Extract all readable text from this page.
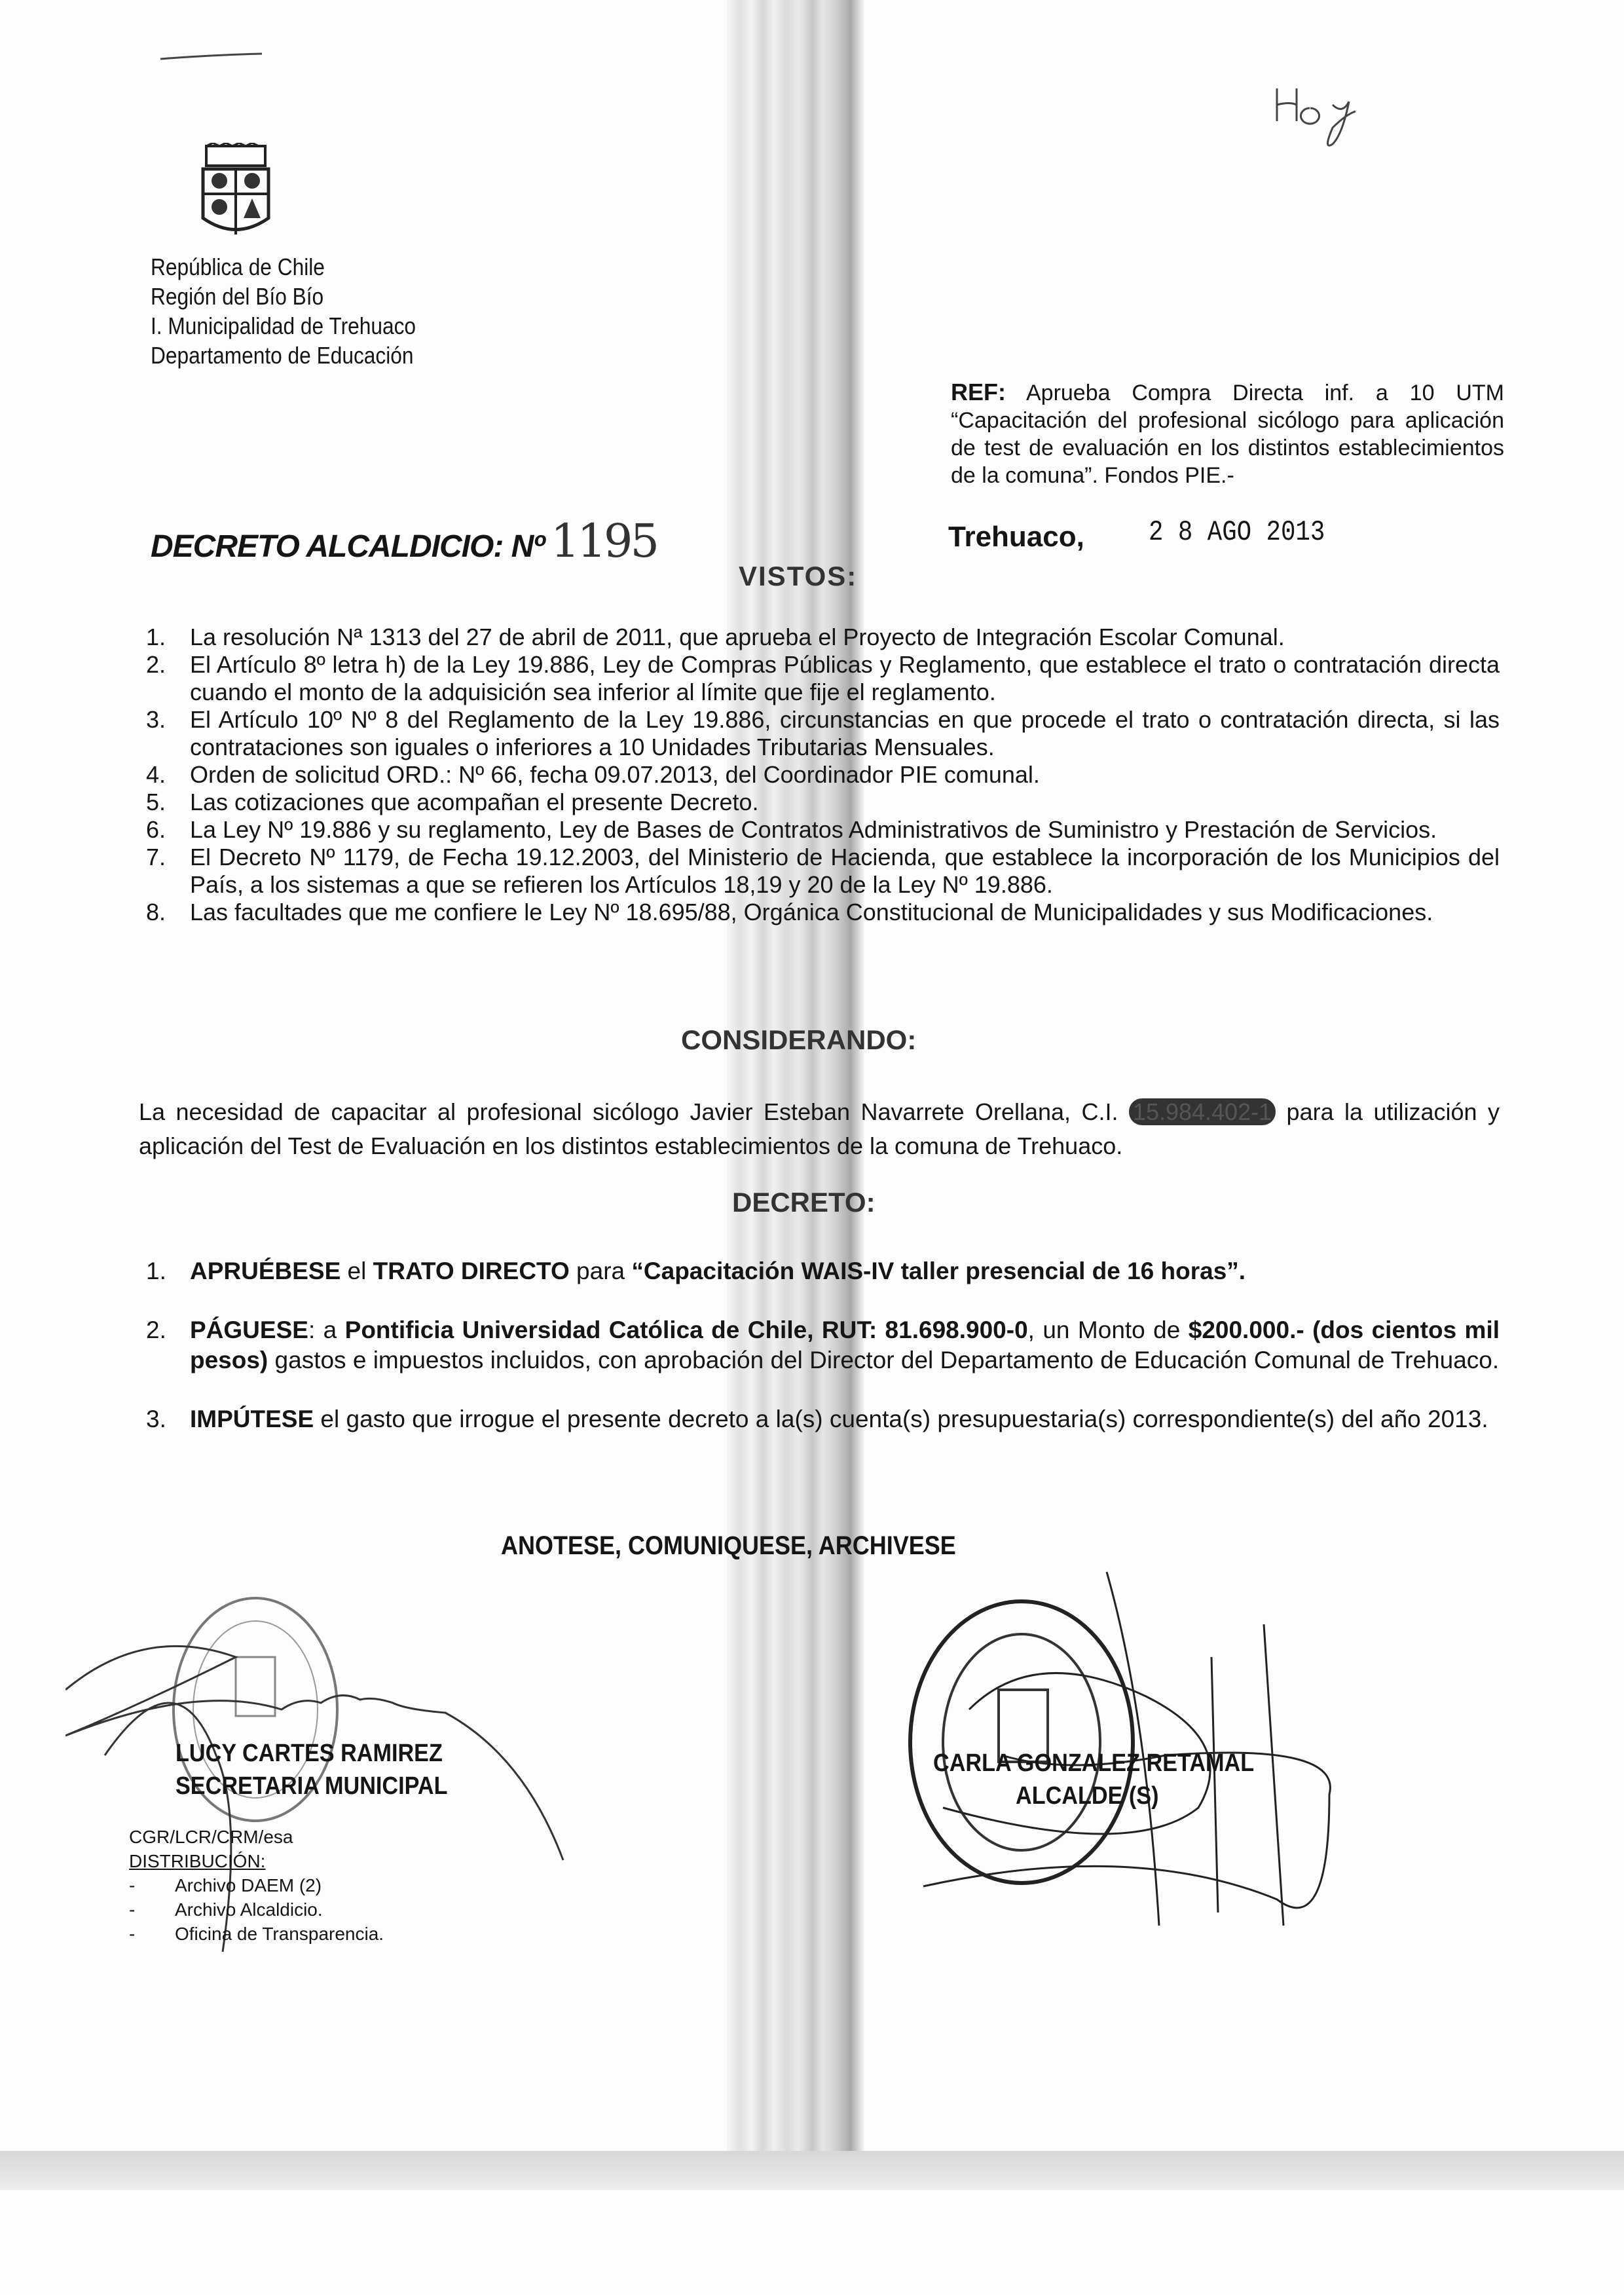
República de Chile
Región del Bío Bío
I. Municipalidad de Trehuaco
Departamento de Educación
REF: Aprueba Compra Directa inf. a 10 UTM “Capacitación del profesional sicólogo para aplicación de test de evaluación en los distintos establecimientos de la comuna”. Fondos PIE.-
DECRETO ALCALDICIO: Nº 1195	Trehuaco, 2 8 AGO 2013
VISTOS:
1.	La resolución Nª 1313 del 27 de abril de 2011, que aprueba el Proyecto de Integración Escolar Comunal.
2.	El Artículo 8º letra h) de la Ley 19.886, Ley de Compras Públicas y Reglamento, que establece el trato o contratación directa cuando el monto de la adquisición sea inferior al límite que fije el reglamento.
3.	El Artículo 10º Nº 8 del Reglamento de la Ley 19.886, circunstancias en que procede el trato o contratación directa, si las contrataciones son iguales o inferiores a 10 Unidades Tributarias Mensuales.
4.	Orden de solicitud ORD.: Nº 66, fecha 09.07.2013, del Coordinador PIE comunal.
5.	Las cotizaciones que acompañan el presente Decreto.
6.	La Ley Nº 19.886 y su reglamento, Ley de Bases de Contratos Administrativos de Suministro y Prestación de Servicios.
7.	El Decreto Nº 1179, de Fecha 19.12.2003, del Ministerio de Hacienda, que establece la incorporación de los Municipios del País, a los sistemas a que se refieren los Artículos 18,19 y 20 de la Ley Nº 19.886.
8.	Las facultades que me confiere le Ley Nº 18.695/88, Orgánica Constitucional de Municipalidades y sus Modificaciones.
CONSIDERANDO:
La necesidad de capacitar al profesional sicólogo Javier Esteban Navarrete Orellana, C.I. 15.984.402-1 para la utilización y aplicación del Test de Evaluación en los distintos establecimientos de la comuna de Trehuaco.
DECRETO:
1. APRUÉBESE el TRATO DIRECTO para “Capacitación WAIS-IV taller presencial de 16 horas”.
2. PÁGUESE: a Pontificia Universidad Católica de Chile, RUT: 81.698.900-0, un Monto de $200.000.- (dos cientos mil pesos) gastos e impuestos incluidos, con aprobación del Director del Departamento de Educación Comunal de Trehuaco.
3. IMPÚTESE el gasto que irrogue el presente decreto a la(s) cuenta(s) presupuestaria(s) correspondiente(s) del año 2013.
ANOTESE, COMUNIQUESE, ARCHIVESE
LUCY CARTES RAMIREZ
SECRETARIA MUNICIPAL
CARLA GONZALEZ RETAMAL
ALCALDE (S)
CGR/LCR/CRM/esa
DISTRIBUCIÓN:
-	Archivo DAEM (2)
-	Archivo Alcaldicio.
-	Oficina de Transparencia.
